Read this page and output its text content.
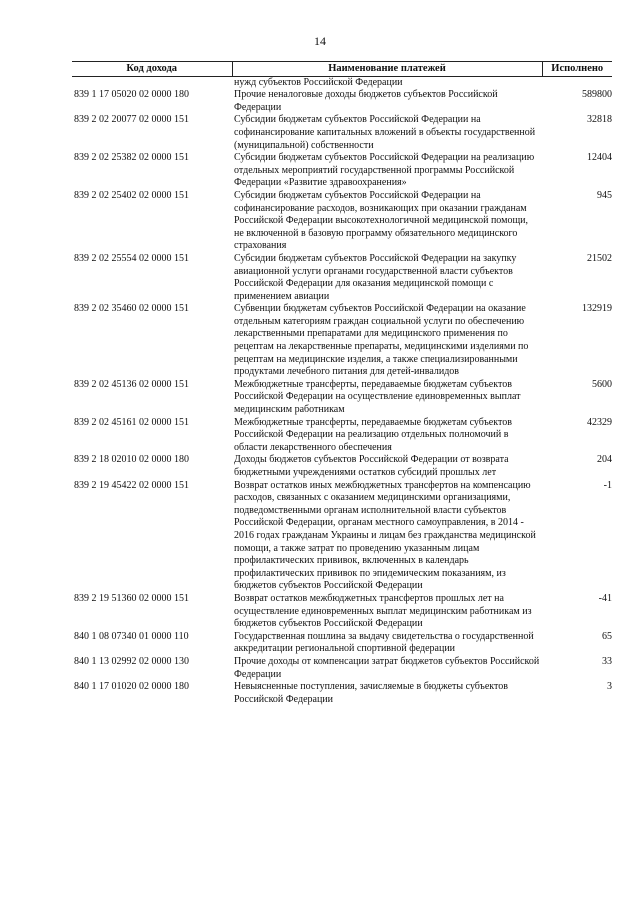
14
Код дохода	Наименование платежей	Исполнено
	нужд субъектов Российской Федерации	
839 1 17 05020 02 0000 180	Прочие неналоговые доходы бюджетов субъектов Российской Федерации	589800
839 2 02 20077 02 0000 151	Субсидии бюджетам субъектов Российской Федерации на софинансирование капитальных вложений в объекты государственной (муниципальной) собственности	32818
839 2 02 25382 02 0000 151	Субсидии бюджетам субъектов Российской Федерации на реализацию отдельных мероприятий государственной программы Российской Федерации «Развитие здравоохранения»	12404
839 2 02 25402 02 0000 151	Субсидии бюджетам субъектов Российской Федерации на софинансирование расходов, возникающих при оказании гражданам Российской Федерации высокотехнологичной медицинской помощи, не включенной в базовую программу обязательного медицинского страхования	945
839 2 02 25554 02 0000 151	Субсидии бюджетам субъектов Российской Федерации на закупку авиационной услуги органами государственной власти субъектов Российской Федерации для оказания медицинской помощи с применением авиации	21502
839 2 02 35460 02 0000 151	Субвенции бюджетам субъектов Российской Федерации на оказание отдельным категориям граждан социальной услуги по обеспечению лекарственными препаратами для медицинского применения по рецептам на лекарственные препараты, медицинскими изделиями по рецептам на медицинские изделия, а также специализированными продуктами лечебного питания для детей-инвалидов	132919
839 2 02 45136 02 0000 151	Межбюджетные трансферты, передаваемые бюджетам субъектов Российской Федерации на осуществление единовременных выплат медицинским работникам	5600
839 2 02 45161 02 0000 151	Межбюджетные трансферты, передаваемые бюджетам субъектов Российской Федерации на реализацию отдельных полномочий в области лекарственного обеспечения	42329
839 2 18 02010 02 0000 180	Доходы бюджетов субъектов Российской Федерации от возврата бюджетными учреждениями остатков субсидий прошлых лет	204
839 2 19 45422 02 0000 151	Возврат остатков иных межбюджетных трансфертов на компенсацию расходов, связанных с оказанием медицинскими организациями, подведомственными органам исполнительной власти субъектов Российской Федерации, органам местного самоуправления, в 2014 - 2016 годах гражданам Украины и лицам без гражданства медицинской помощи, а также затрат по проведению указанным лицам профилактических прививок, включенных в календарь профилактических прививок по эпидемическим показаниям, из бюджетов субъектов Российской Федерации	-1
839 2 19 51360 02 0000 151	Возврат остатков межбюджетных трансфертов прошлых лет на осуществление единовременных выплат медицинским работникам из бюджетов субъектов Российской Федерации	-41
840 1 08 07340 01 0000 110	Государственная пошлина за выдачу свидетельства о государственной аккредитации региональной спортивной федерации	65
840 1 13 02992 02 0000 130	Прочие доходы от компенсации затрат бюджетов субъектов Российской Федерации	33
840 1 17 01020 02 0000 180	Невыясненные поступления, зачисляемые в бюджеты субъектов Российской Федерации	3
